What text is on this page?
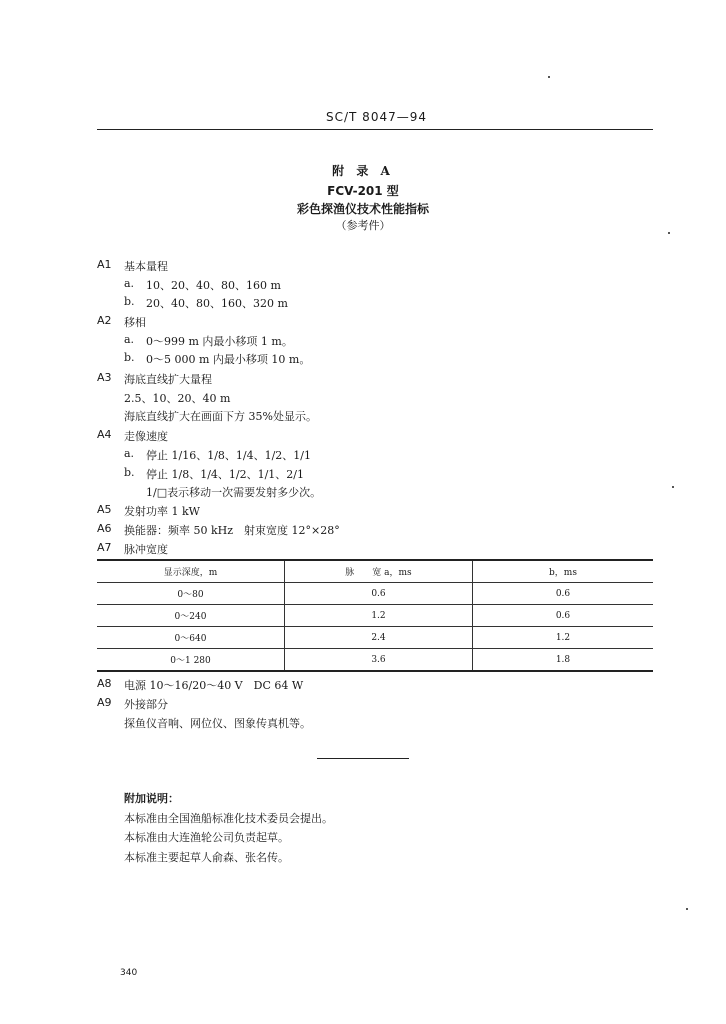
SC/T 8047—94
附 录 A
FCV-201 型
彩色探渔仪技术性能指标
（参考件）
A1 基本量程
a. 10、20、40、80、160 m
b. 20、40、80、160、320 m
A2 移相
a. 0～999 m 内最小移项 1 m。
b. 0～5 000 m 内最小移项 10 m。
A3 海底直线扩大量程
2.5、10、20、40 m
海底直线扩大在画面下方 35%处显示。
A4 走像速度
a. 停止 1/16、1/8、1/4、1/2、1/1
b. 停止 1/8、1/4、1/2、1/1、2/1
1/□表示移动一次需要发射多少次。
A5 发射功率 1 kW
A6 换能器：频率 50 kHz　射束宽度 12°×28°
A7 脉冲宽度
显示深度，m	脉　　宽 a，ms	b，ms
0～80	0.6	0.6
0～240	1.2	0.6
0～640	2.4	1.2
0～1 280	3.6	1.8
A8 电源 10～16/20～40 V　DC 64 W
A9 外接部分
探鱼仪音响、网位仪、图象传真机等。
附加说明：
本标准由全国渔船标准化技术委员会提出。
本标准由大连渔轮公司负责起草。
本标准主要起草人俞森、张名传。
340
